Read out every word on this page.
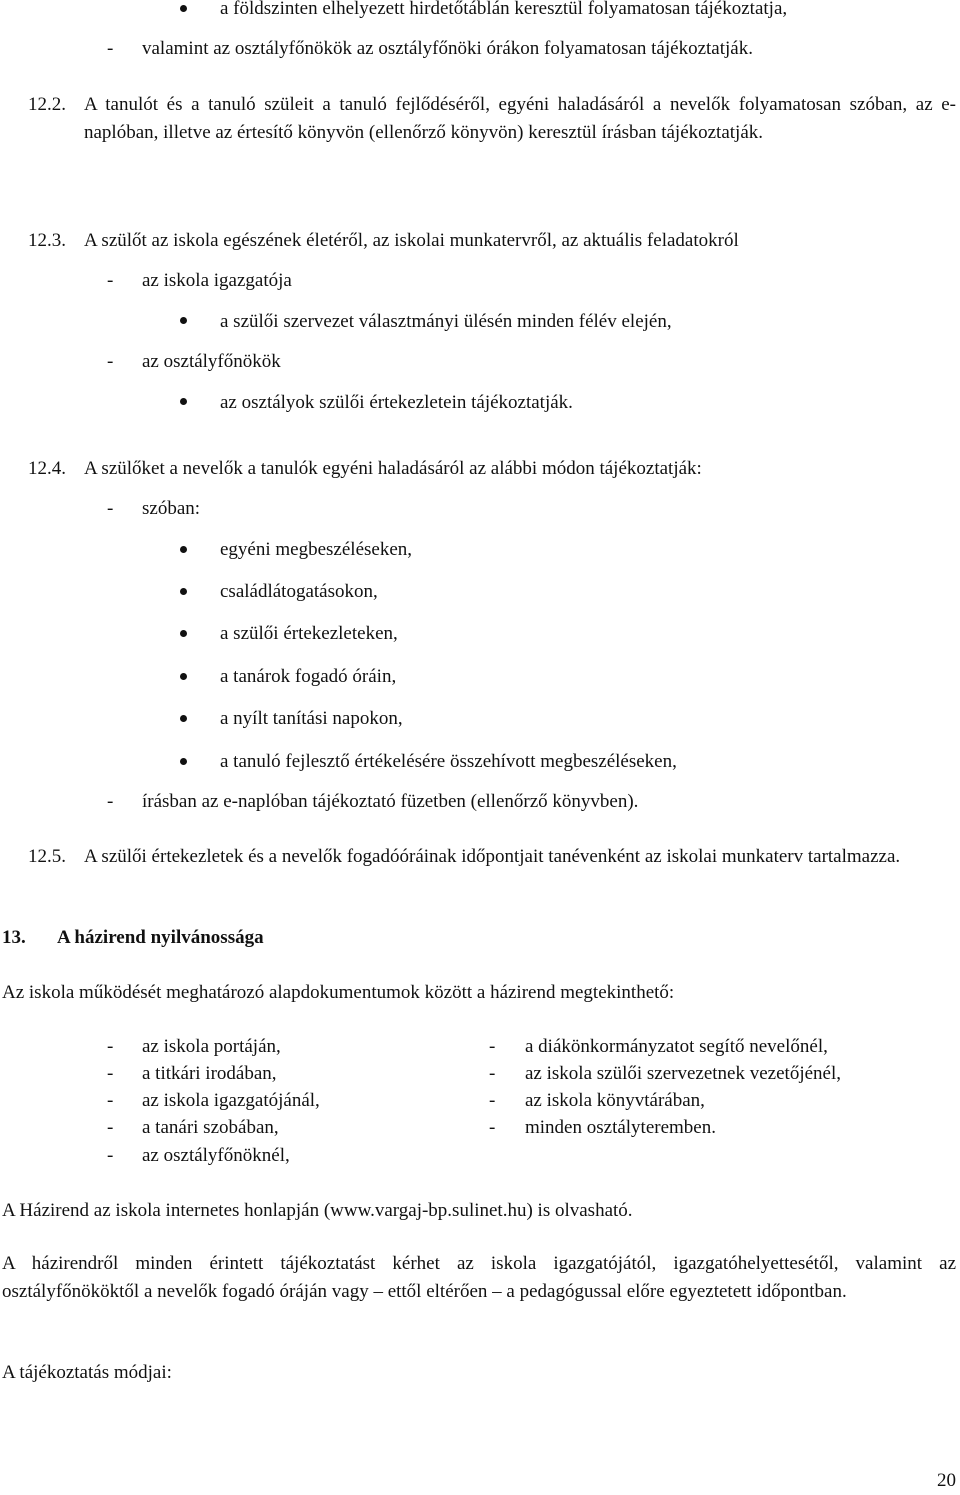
a földszinten elhelyezett hirdetőtáblán keresztül folyamatosan tájékoztatja,
- valamint az osztályfőnökök az osztályfőnöki órákon folyamatosan tájékoztatják.
12.2. A tanulót és a tanuló szüleit a tanuló fejlődéséről, egyéni haladásáról a nevelők folyamatosan szóban, az e-naplóban, illetve az értesítő könyvön (ellenőrző könyvön) keresztül írásban tájékoztatják.
12.3. A szülőt az iskola egészének életéről, az iskolai munkatervről, az aktuális feladatokról
- az iskola igazgatója
a szülői szervezet választmányi ülésén minden félév elején,
- az osztályfőnökök
az osztályok szülői értekezletein tájékoztatják.
12.4. A szülőket a nevelők a tanulók egyéni haladásáról az alábbi módon tájékoztatják:
- szóban:
egyéni megbeszéléseken,
családlátogatásokon,
a szülői értekezleteken,
a tanárok fogadó óráin,
a nyílt tanítási napokon,
a tanuló fejlesztő értékelésére összehívott megbeszéléseken,
- írásban az e-naplóban tájékoztató füzetben (ellenőrző könyvben).
12.5. A szülői értekezletek és a nevelők fogadóóráinak időpontjait tanévenként az iskolai munkaterv tartalmazza.
13. A házirend nyilvánossága
Az iskola működését meghatározó alapdokumentumok között a házirend megtekinthető:
- az iskola portáján,
- a titkári irodában,
- az iskola igazgatójánál,
- a tanári szobában,
- az osztályfőnöknél,
- a diákönkormányzatot segítő nevelőnél,
- az iskola szülői szervezetnek vezetőjénél,
- az iskola könyvtárában,
- minden osztályteremben.
A Házirend az iskola internetes honlapján (www.vargaj-bp.sulinet.hu) is olvasható.
A házirendről minden érintett tájékoztatást kérhet az iskola igazgatójától, igazgatóhelyettesétől, valamint az osztályfőnököktől a nevelők fogadó óráján vagy – ettől eltérően – a pedagógussal előre egyeztetett időpontban.
A tájékoztatás módjai:
20
